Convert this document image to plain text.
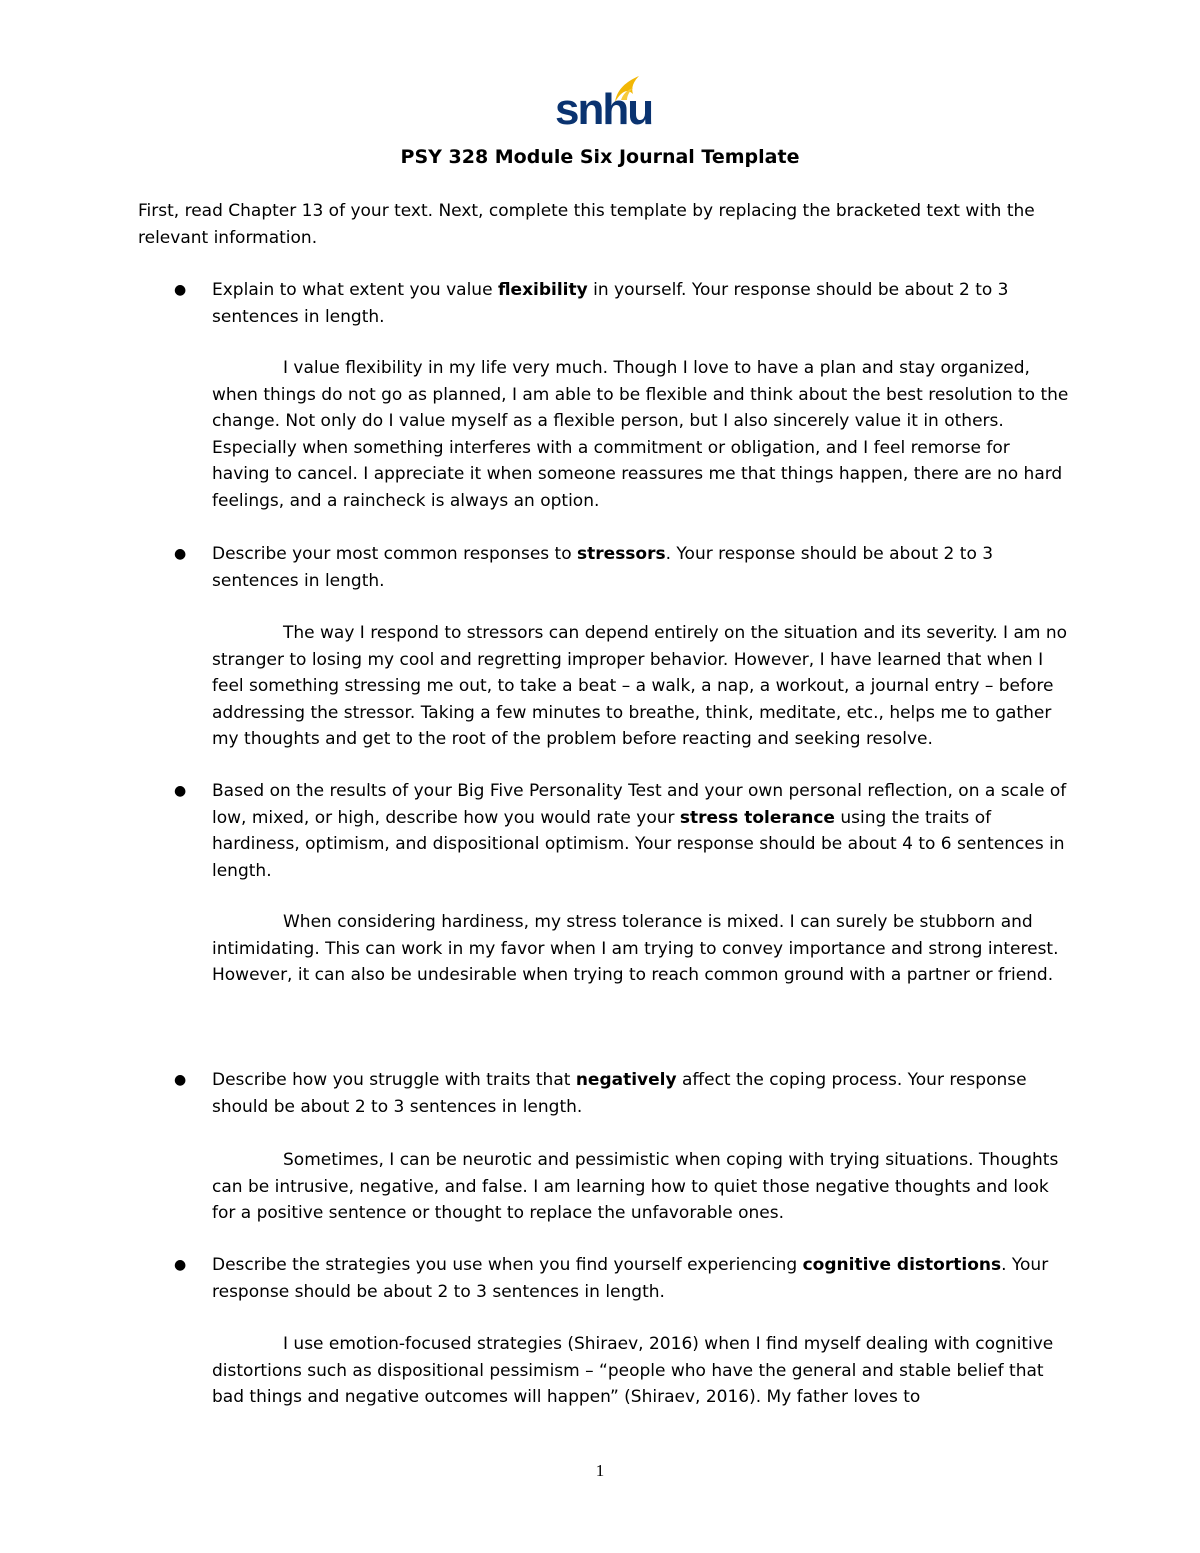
snhu
PSY 328 Module Six Journal Template
First, read Chapter 13 of your text. Next, complete this template by replacing the bracketed text with the relevant information.
● Explain to what extent you value flexibility in yourself. Your response should be about 2 to 3 sentences in length.
I value flexibility in my life very much. Though I love to have a plan and stay organized, when things do not go as planned, I am able to be flexible and think about the best resolution to the change. Not only do I value myself as a flexible person, but I also sincerely value it in others. Especially when something interferes with a commitment or obligation, and I feel remorse for having to cancel. I appreciate it when someone reassures me that things happen, there are no hard feelings, and a raincheck is always an option.
● Describe your most common responses to stressors. Your response should be about 2 to 3 sentences in length.
The way I respond to stressors can depend entirely on the situation and its severity. I am no stranger to losing my cool and regretting improper behavior. However, I have learned that when I feel something stressing me out, to take a beat – a walk, a nap, a workout, a journal entry – before addressing the stressor. Taking a few minutes to breathe, think, meditate, etc., helps me to gather my thoughts and get to the root of the problem before reacting and seeking resolve.
● Based on the results of your Big Five Personality Test and your own personal reflection, on a scale of low, mixed, or high, describe how you would rate your stress tolerance using the traits of hardiness, optimism, and dispositional optimism. Your response should be about 4 to 6 sentences in length.
When considering hardiness, my stress tolerance is mixed. I can surely be stubborn and intimidating. This can work in my favor when I am trying to convey importance and strong interest. However, it can also be undesirable when trying to reach common ground with a partner or friend.
● Describe how you struggle with traits that negatively affect the coping process. Your response should be about 2 to 3 sentences in length.
Sometimes, I can be neurotic and pessimistic when coping with trying situations. Thoughts can be intrusive, negative, and false. I am learning how to quiet those negative thoughts and look for a positive sentence or thought to replace the unfavorable ones.
● Describe the strategies you use when you find yourself experiencing cognitive distortions. Your response should be about 2 to 3 sentences in length.
I use emotion-focused strategies (Shiraev, 2016) when I find myself dealing with cognitive distortions such as dispositional pessimism – “people who have the general and stable belief that bad things and negative outcomes will happen” (Shiraev, 2016). My father loves to
1
